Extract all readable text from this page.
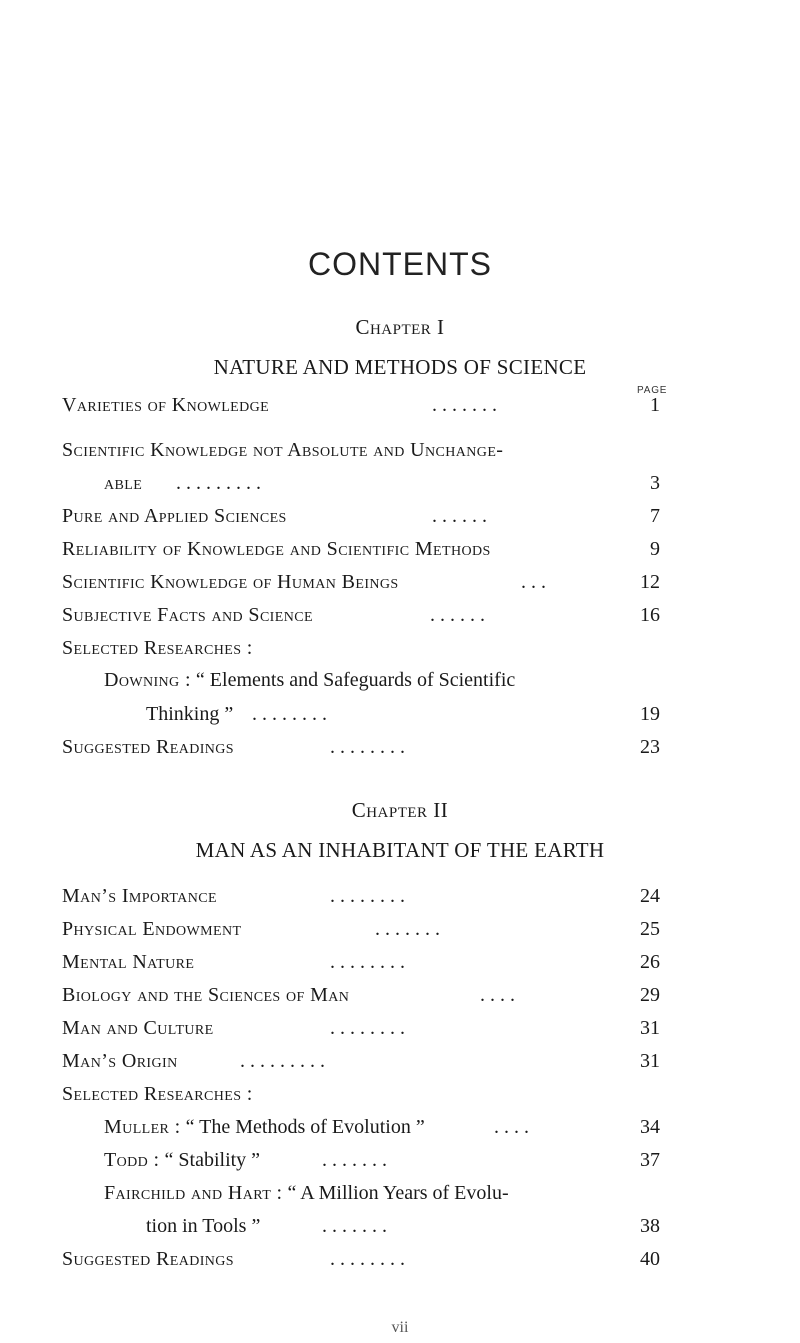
CONTENTS
Chapter I
NATURE AND METHODS OF SCIENCE
PAGE
Varieties of Knowledge	. . . . . . .	1
Scientific Knowledge not Absolute and Unchange-
able . . . . . . . . .	3
Pure and Applied Sciences	. . . . . .	7
Reliability of Knowledge and Scientific Methods	9
Scientific Knowledge of Human Beings	. . .	12
Subjective Facts and Science	. . . . . .	16
Selected Researches :
Downing : “ Elements and Safeguards of Scientific
Thinking ” . . . . . . . .	19
Suggested Readings	. . . . . . . .	23
Chapter II
MAN AS AN INHABITANT OF THE EARTH
Man’s Importance	. . . . . . . .	24
Physical Endowment	. . . . . . .	25
Mental Nature	. . . . . . . .	26
Biology and the Sciences of Man	. . . .	29
Man and Culture	. . . . . . . .	31
Man’s Origin	. . . . . . . . .	31
Selected Researches :
Muller : “ The Methods of Evolution ”	. . . .	34
Todd : “ Stability ”	. . . . . . .	37
Fairchild and Hart : “ A Million Years of Evolu-
tion in Tools ”	. . . . . . .	38
Suggested Readings	. . . . . . . .	40
vii
